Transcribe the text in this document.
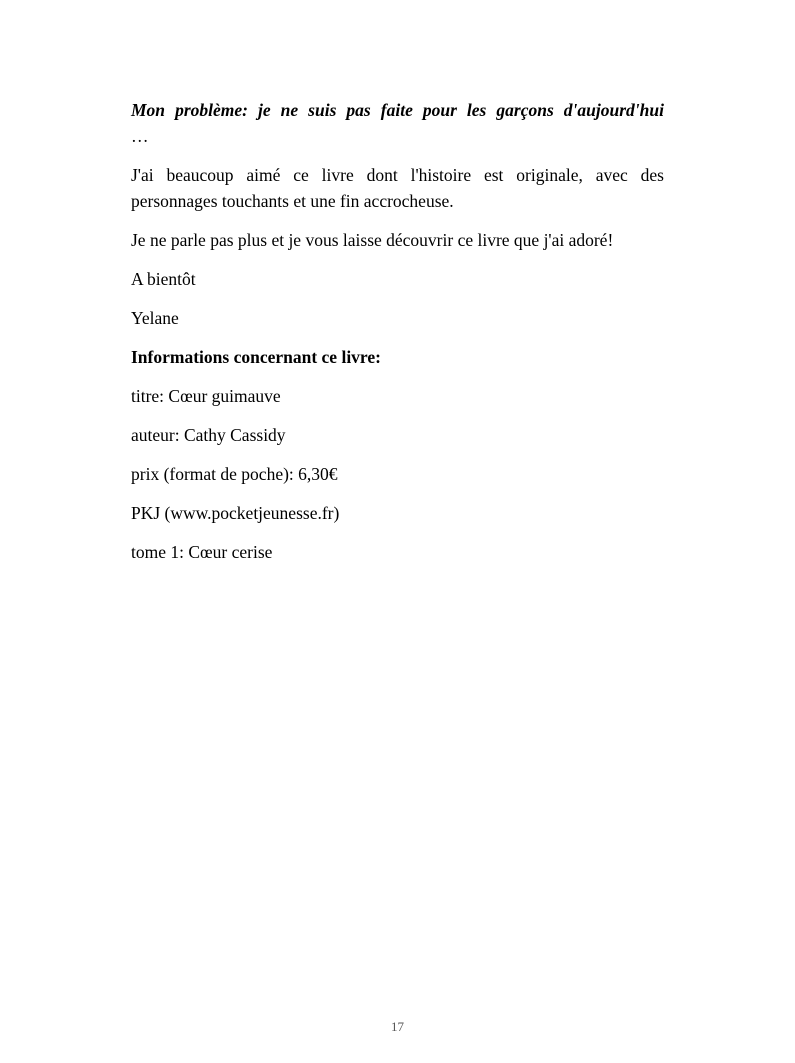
Mon problème: je ne suis pas faite pour les garçons d'aujourd'hui
…

J'ai beaucoup aimé ce livre dont l'histoire est originale, avec des personnages touchants et une fin accrocheuse.

Je ne parle pas plus et je vous laisse découvrir ce livre que j'ai adoré!

A bientôt

Yelane

Informations concernant ce livre:

titre: Cœur guimauve

auteur: Cathy Cassidy

prix (format de poche): 6,30€

PKJ (www.pocketjeunesse.fr)

tome 1: Cœur cerise

17
